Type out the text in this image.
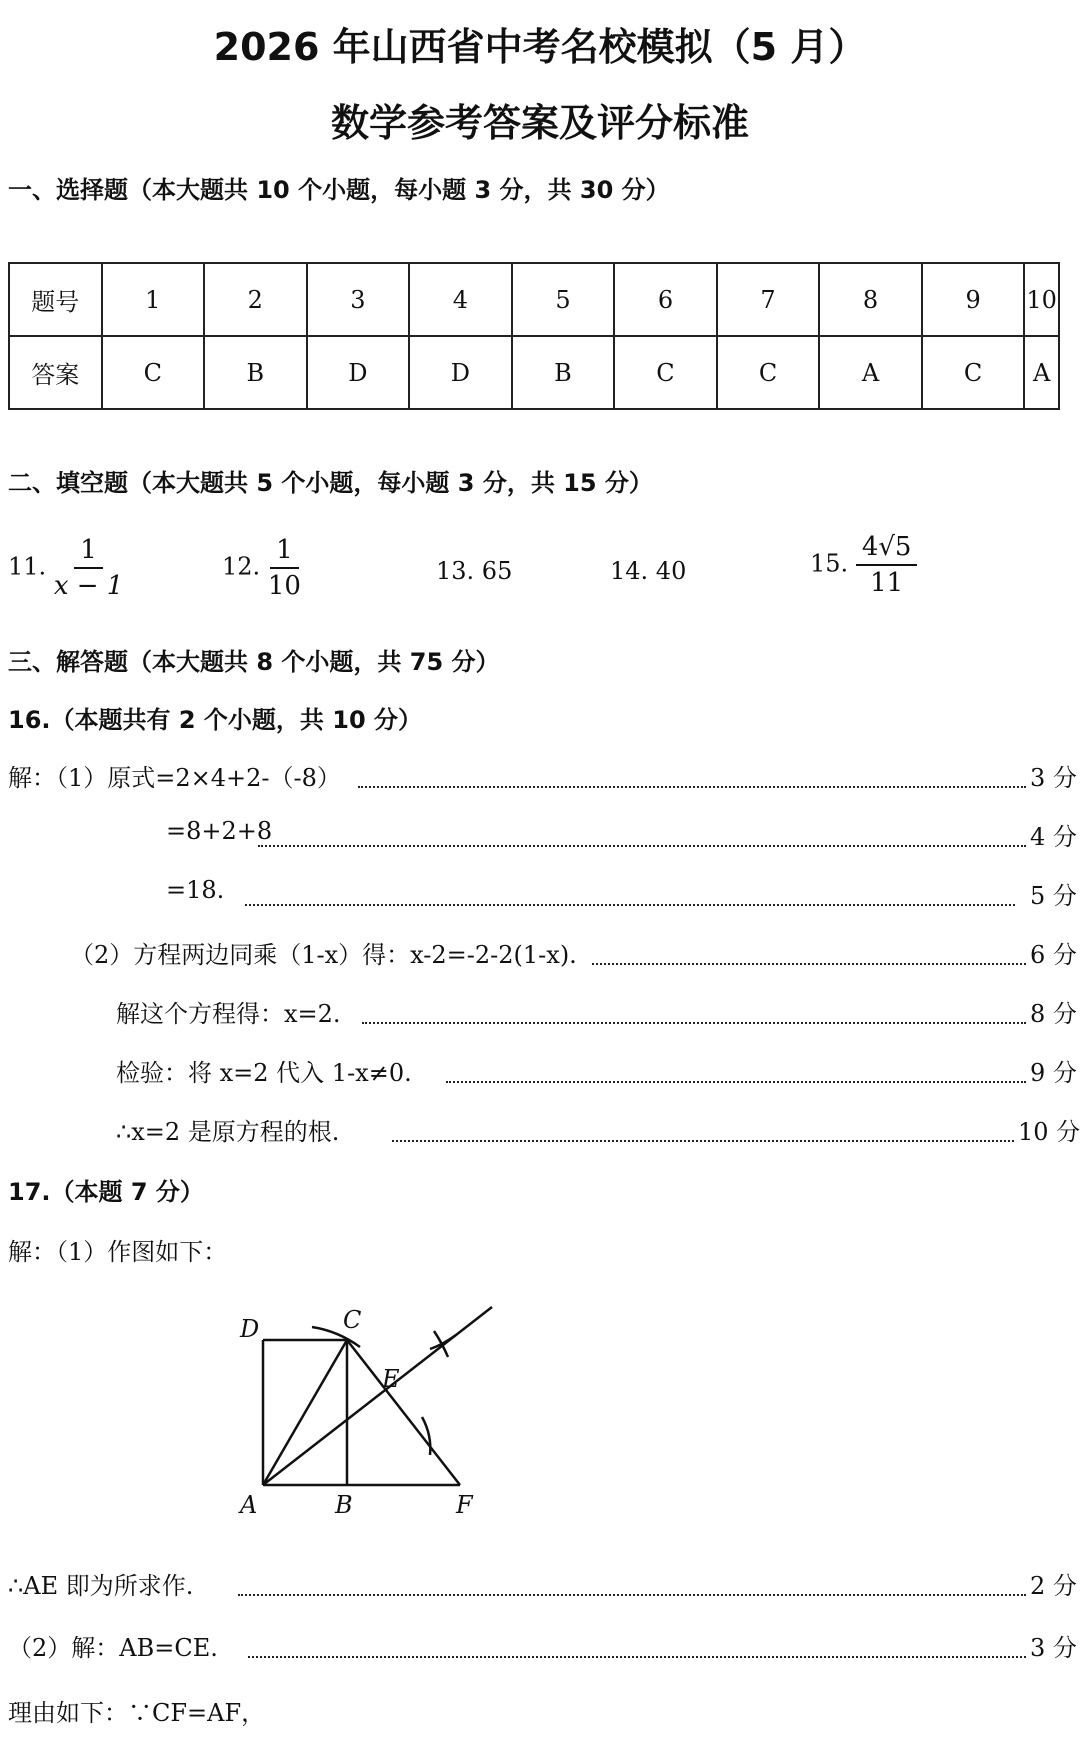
2026 年山西省中考名校模拟（5 月）
数学参考答案及评分标准
一、选择题（本大题共 10 个小题，每小题 3 分，共 30 分）
题号	1	2	3	4	5	6	7	8	9	10
答案	C	B	D	D	B	C	C	A	C	A
二、填空题（本大题共 5 个小题，每小题 3 分，共 15 分）
11. $\frac{1}{x - 1}$	12. $\frac{1}{10}$	13. 65	14. 40	15. $\frac{4√5}{11}$
三、解答题（本大题共 8 个小题，共 75 分）
16.（本题共有 2 个小题，共 10 分）
解：（1）原式=2×4+2-（-8）	3 分
=8+2+8	4 分
=18.	5 分
（2）方程两边同乘（1-x）得：x-2=-2-2(1-x).	6 分
解这个方程得：x=2.	8 分
检验：将 x=2 代入 1-x≠0.	9 分
∴x=2 是原方程的根.	10 分
17.（本题 7 分）
解：（1）作图如下：
D	C
E
A	B	F
∴AE 即为所求作.	2 分
（2）解：AB=CE.	3 分
理由如下：∵CF=AF，
